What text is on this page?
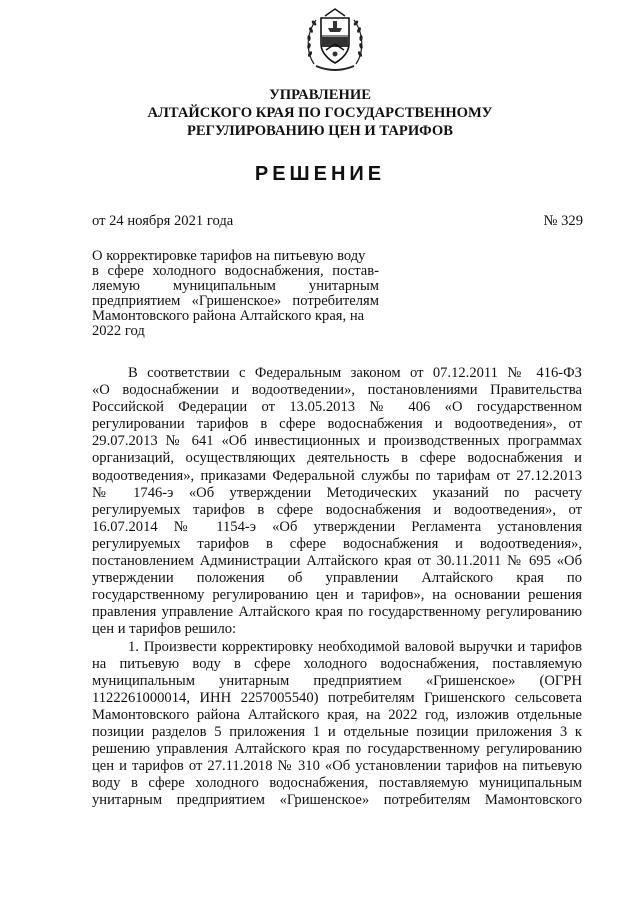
УПРАВЛЕНИЕ
АЛТАЙСКОГО КРАЯ ПО ГОСУДАРСТВЕННОМУ
РЕГУЛИРОВАНИЮ ЦЕН И ТАРИФОВ
РЕШЕНИЕ
от 24 ноября 2021 года	№ 329
О корректировке тарифов на питьевую воду
в сфере холодного водоснабжения, постав-
ляемую муниципальным унитарным
предприятием «Гришенское» потребителям
Мамонтовского района Алтайского края, на
2022 год
В соответствии с Федеральным законом от 07.12.2011 № 416-ФЗ
«О водоснабжении и водоотведении», постановлениями Правительства
Российской Федерации от 13.05.2013 № 406 «О государственном
регулировании тарифов в сфере водоснабжения и водоотведения», от
29.07.2013 № 641 «Об инвестиционных и производственных программах
организаций, осуществляющих деятельность в сфере водоснабжения и
водоотведения», приказами Федеральной службы по тарифам от 27.12.2013
№ 1746-э «Об утверждении Методических указаний по расчету
регулируемых тарифов в сфере водоснабжения и водоотведения», от
16.07.2014 № 1154-э «Об утверждении Регламента установления
регулируемых тарифов в сфере водоснабжения и водоотведения»,
постановлением Администрации Алтайского края от 30.11.2011 № 695 «Об
утверждении положения об управлении Алтайского края по
государственному регулированию цен и тарифов», на основании решения
правления управление Алтайского края по государственному регулированию
цен и тарифов решило:
1. Произвести корректировку необходимой валовой выручки и тарифов
на питьевую воду в сфере холодного водоснабжения, поставляемую
муниципальным унитарным предприятием «Гришенское» (ОГРН
1122261000014, ИНН 2257005540) потребителям Гришенского сельсовета
Мамонтовского района Алтайского края, на 2022 год, изложив отдельные
позиции разделов 5 приложения 1 и отдельные позиции приложения 3 к
решению управления Алтайского края по государственному регулированию
цен и тарифов от 27.11.2018 № 310 «Об установлении тарифов на питьевую
воду в сфере холодного водоснабжения, поставляемую муниципальным
унитарным предприятием «Гришенское» потребителям Мамонтовского
